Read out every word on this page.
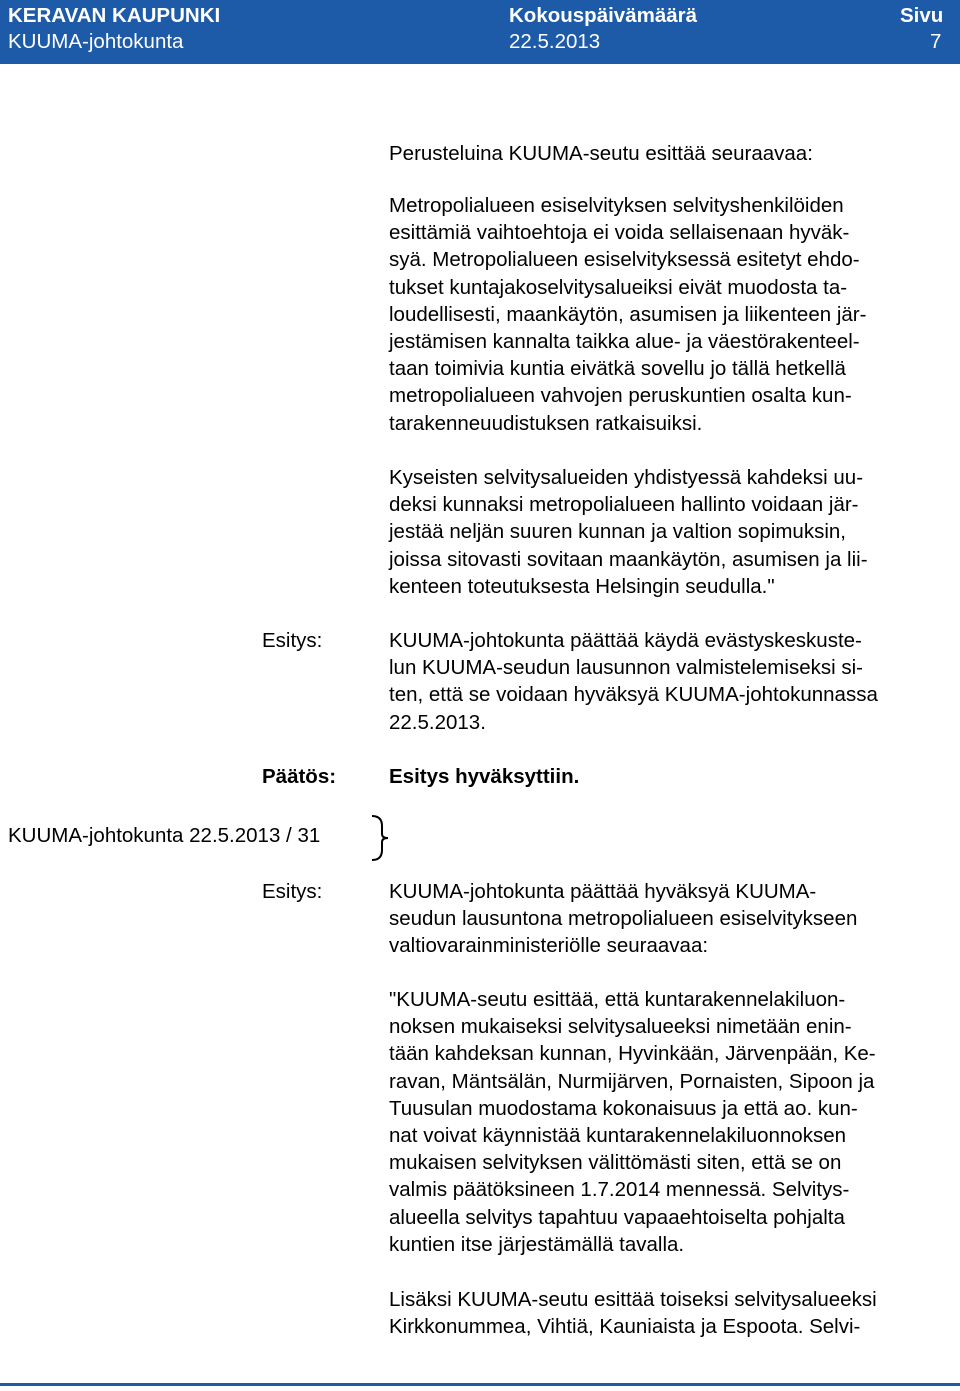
KERAVAN KAUPUNKI
KUUMA-johtokunta
Kokouspäivämäärä
22.5.2013
Sivu
7

Perusteluina KUUMA-seutu esittää seuraavaa:

Metropolialueen esiselvityksen selvityshenkilöiden
esittämiä vaihtoehtoja ei voida sellaisenaan hyväk-
syä. Metropolialueen esiselvityksessä esitetyt ehdo-
tukset kuntajakoselvitysalueiksi eivät muodosta ta-
loudellisesti, maankäytön, asumisen ja liikenteen jär-
jestämisen kannalta taikka alue- ja väestörakenteel-
taan toimivia kuntia eivätkä sovellu jo tällä hetkellä
metropolialueen vahvojen peruskuntien osalta kun-
tarakenneuudistuksen ratkaisuiksi.

Kyseisten selvitysalueiden yhdistyessä kahdeksi uu-
deksi kunnaksi metropolialueen hallinto voidaan jär-
jestää neljän suuren kunnan ja valtion sopimuksin,
joissa sitovasti sovitaan maankäytön, asumisen ja lii-
kenteen toteutuksesta Helsingin seudulla."

Esitys:	KUUMA-johtokunta päättää käydä evästyskeskuste-
lun KUUMA-seudun lausunnon valmistelemiseksi si-
ten, että se voidaan hyväksyä KUUMA-johtokunnassa
22.5.2013.

Päätös:	Esitys hyväksyttiin.

KUUMA-johtokunta 22.5.2013 / 31
Esitys:	KUUMA-johtokunta päättää hyväksyä KUUMA-
seudun lausuntona metropolialueen esiselvitykseen
valtiovarainministeriölle seuraavaa:

"KUUMA-seutu esittää, että kuntarakennelakiluon-
noksen mukaiseksi selvitysalueeksi nimetään enin-
tään kahdeksan kunnan, Hyvinkään, Järvenpään, Ke-
ravan, Mäntsälän, Nurmijärven, Pornaisten, Sipoon ja
Tuusulan muodostama kokonaisuus ja että ao. kun-
nat voivat käynnistää kuntarakennelakiluonnoksen
mukaisen selvityksen välittömästi siten, että se on
valmis päätöksineen 1.7.2014 mennessä. Selvitys-
alueella selvitys tapahtuu vapaaehtoiselta pohjalta
kuntien itse järjestämällä tavalla.

Lisäksi KUUMA-seutu esittää toiseksi selvitysalueeksi
Kirkkonummea, Vihtiä, Kauniaista ja Espoota. Selvi-
